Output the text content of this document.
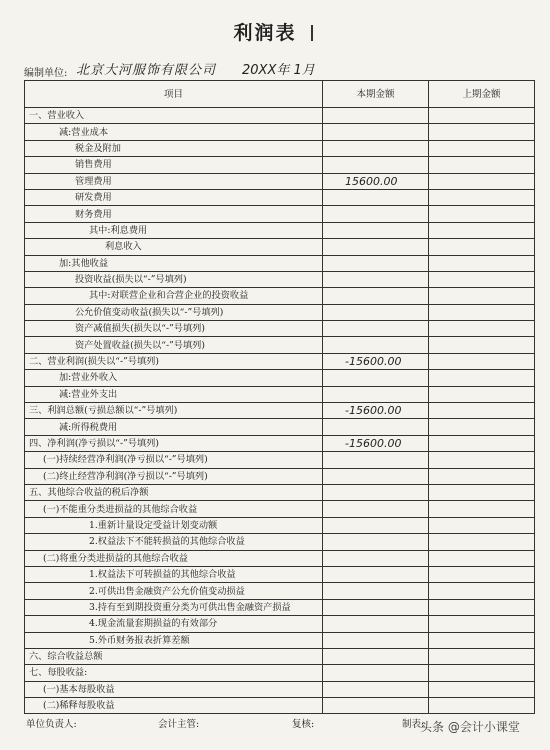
利润表
编制单位: 北京大河服饰有限公司 20XX年 1月
项目	本期金额	上期金额
一、营业收入		
减:营业成本		
税金及附加		
销售费用		
管理费用	15600.00	
研发费用		
财务费用		
其中:利息费用		
利息收入		
加:其他收益		
投资收益(损失以“-”号填列)		
其中:对联营企业和合营企业的投资收益		
公允价值变动收益(损失以“-”号填列)		
资产减值损失(损失以“-”号填列)		
资产处置收益(损失以“-”号填列)		
二、营业利润(损失以“-”号填列)	-15600.00	
加:营业外收入		
减:营业外支出		
三、利润总额(亏损总额以“-”号填列)	-15600.00	
减:所得税费用		
四、净利润(净亏损以“-”号填列)	-15600.00	
(一)持续经营净利润(净亏损以“-”号填列)		
(二)终止经营净利润(净亏损以“-”号填列)		
五、其他综合收益的税后净额		
(一)不能重分类进损益的其他综合收益		
1.重新计量设定受益计划变动额		
2.权益法下不能转损益的其他综合收益		
(二)将重分类进损益的其他综合收益		
1.权益法下可转损益的其他综合收益		
2.可供出售金融资产公允价值变动损益		
3.持有至到期投资重分类为可供出售金融资产损益		
4.现金流量套期损益的有效部分		
5.外币财务报表折算差额		
六、综合收益总额		
七、每股收益:		
(一)基本每股收益		
(二)稀释每股收益		
单位负责人:	会计主管:	复核:	制表:
头条 @会计小课堂
